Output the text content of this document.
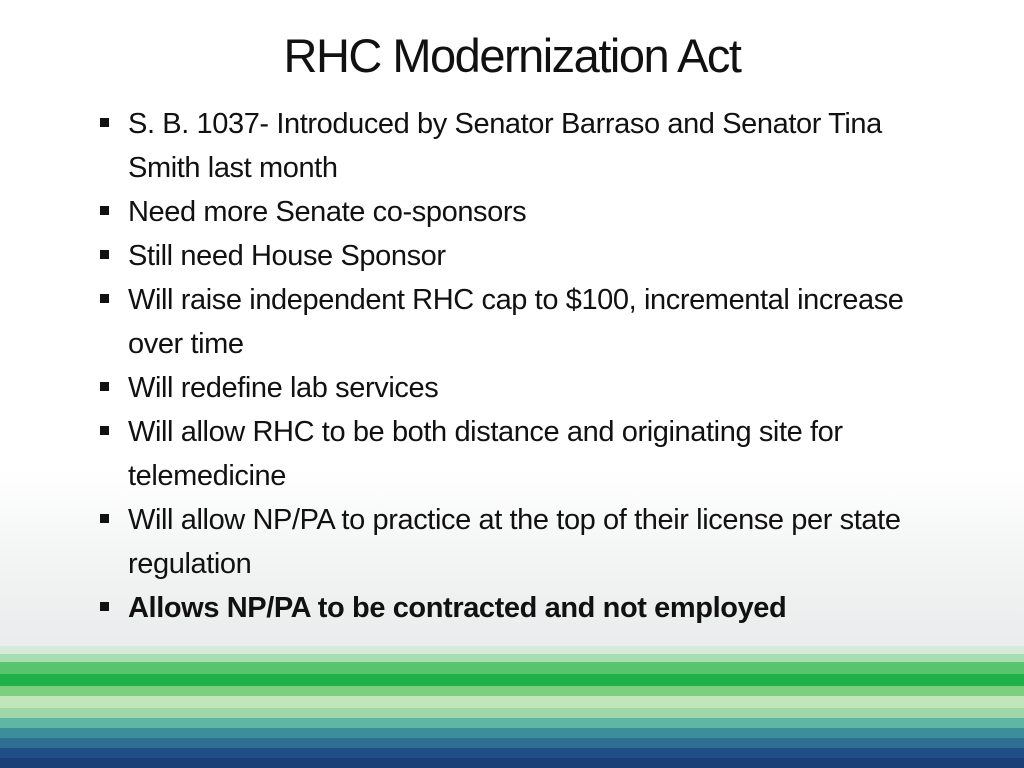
RHC Modernization Act
S. B. 1037- Introduced by Senator Barraso and Senator Tina Smith last month
Need more Senate co-sponsors
Still need House Sponsor
Will raise independent RHC cap to $100, incremental increase over time
Will redefine lab services
Will allow RHC to be both distance and originating site for telemedicine
Will allow NP/PA to practice at the top of their license per state regulation
Allows NP/PA to be contracted and not employed
